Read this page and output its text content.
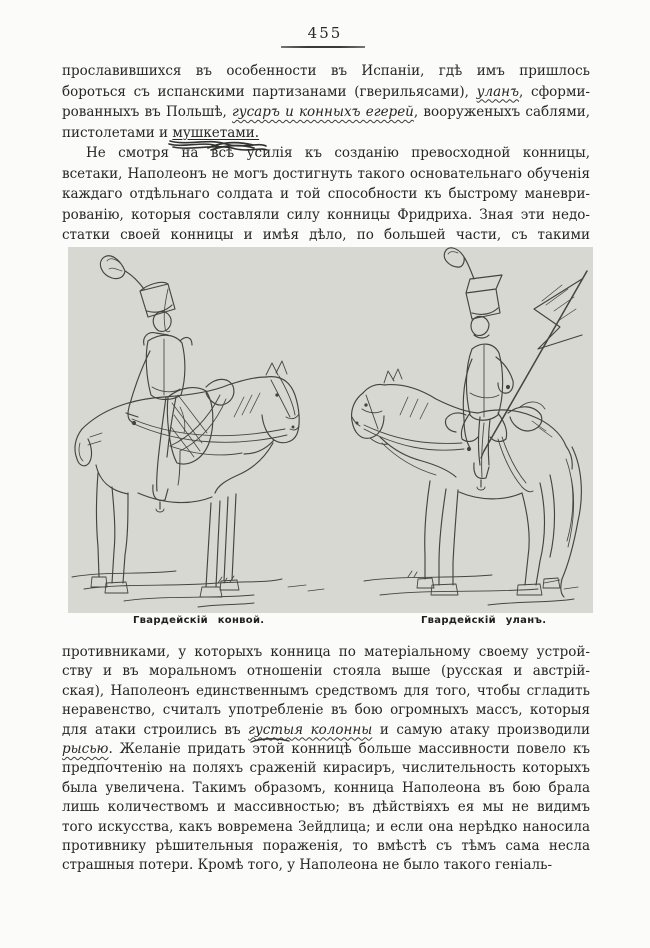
455
прославившихся въ особенности въ Испаніи, гдѣ имъ пришлось
бороться съ испанскими партизанами (гверильясами), уланъ, сформи-
рованныхъ въ Польшѣ, гусаръ и конныхъ егерей, вооруженыхъ саблями,
пистолетами и мушкетами.
Не смотря на всѣ
усилія къ созданію превосходной конницы,
всетаки, Наполеонъ не могъ достигнуть такого основательнаго обученія
каждаго отдѣльнаго солдата и той способности къ быстрому маневри-
рованію, которыя составляли силу конницы Фридриха. Зная эти недо-
статки своей конницы и имѣя дѣло, по большей части, съ такими
Гвардейскій конвой.	Гвардейскій уланъ.
противниками, у которыхъ конница по матеріальному своему устрой-
ству и въ моральномъ отношеніи стояла выше (русская и австрій-
ская), Наполеонъ единственнымъ средствомъ для того, чтобы сгладить
неравенство, считалъ употребленіе въ бою огромныхъ массъ, которыя
для атаки строились въ густыя колонны и самую атаку производили
рысью. Желаніе придать этой
конницѣ больше массивности повело къ
предпочтенію на поляхъ сраженій кирасиръ, числительность которыхъ
была увеличена. Такимъ образомъ, конница Наполеона въ бою брала
лишь количествомъ и массивностью; въ дѣйствіяхъ ея мы не видимъ
того искусства, какъ вовремена Зейдлица; и если она нерѣдко наносила
противнику рѣшительныя пораженія, то вмѣстѣ съ тѣмъ сама несла
страшныя потери. Кромѣ того, у Наполеона не было такого геніаль-
